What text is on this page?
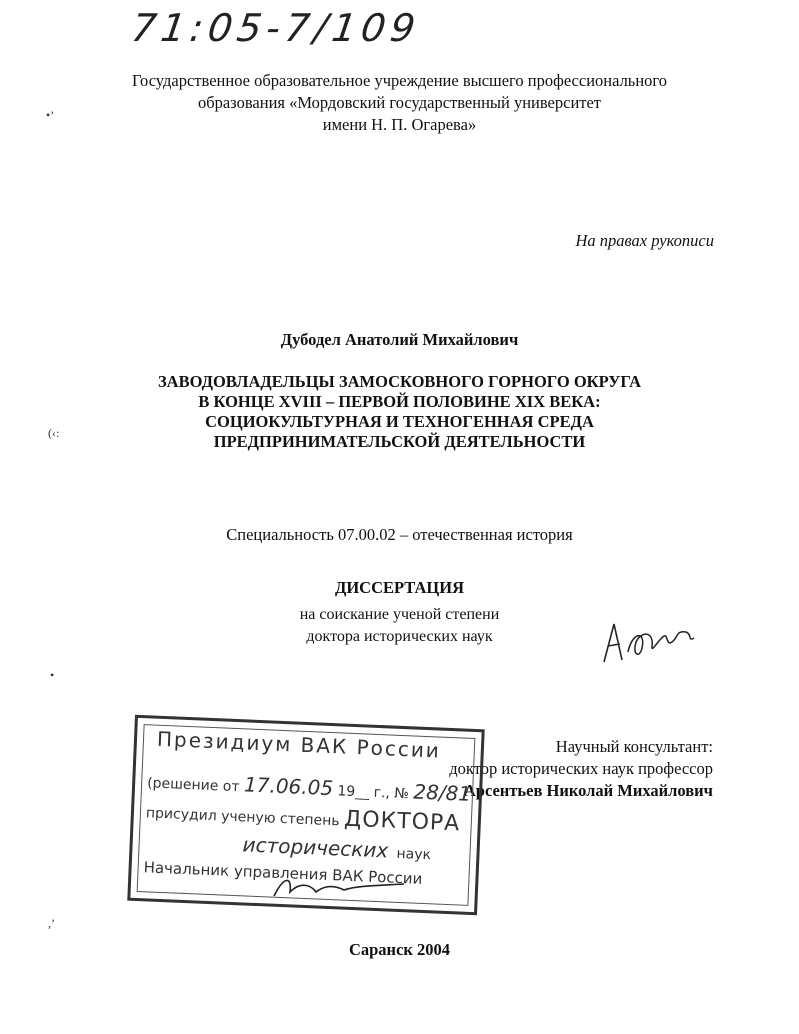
71:05-7/109
•’
(‹:
•
,’
Государственное образовательное учреждение высшего профессионального
образования «Мордовский государственный университет
имени Н. П. Огарева»
На правах рукописи
Дубодел Анатолий Михайлович
ЗАВОДОВЛАДЕЛЬЦЫ ЗАМОСКОВНОГО ГОРНОГО ОКРУГА
В КОНЦЕ XVIII – ПЕРВОЙ ПОЛОВИНЕ XIX ВЕКА:
СОЦИОКУЛЬТУРНАЯ И ТЕХНОГЕННАЯ СРЕДА
ПРЕДПРИНИМАТЕЛЬСКОЙ ДЕЯТЕЛЬНОСТИ
Специальность 07.00.02 – отечественная история
ДИССЕРТАЦИЯ
на соискание ученой степени
доктора исторических наук	А. Дубодел
Научный консультант:
доктор исторических наук профессор
Арсентьев Николай Михайлович
Президиум ВАК России
(решение от 17.06.05 19__ г., № 28/81
присудил ученую степень ДОКТОРА
исторических наук
Начальник управления ВАК России
Саранск 2004
